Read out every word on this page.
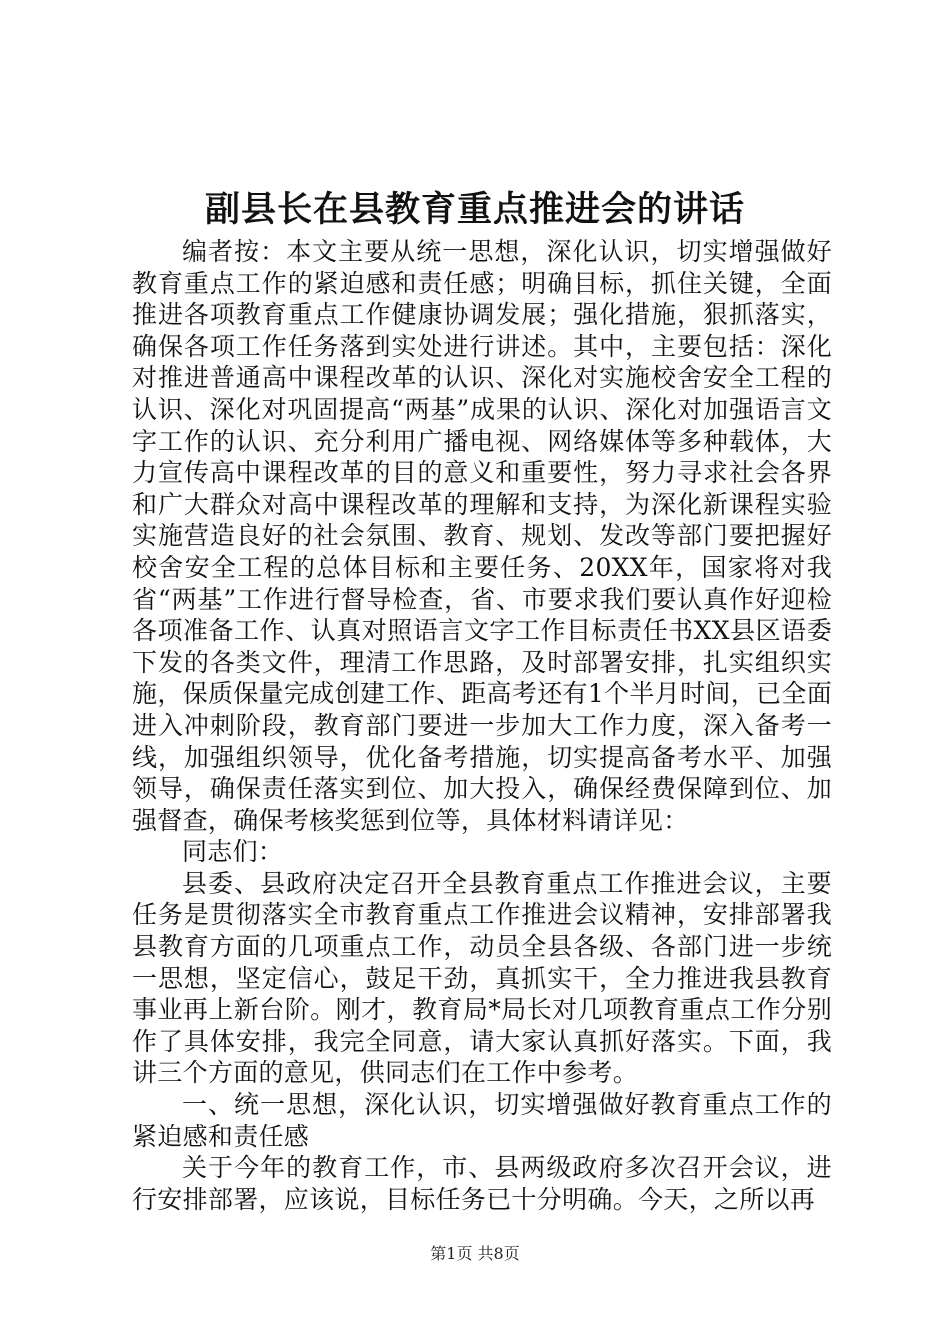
副县长在县教育重点推进会的讲话

编者按：本文主要从统一思想，深化认识，切实增强做好教育重点工作的紧迫感和责任感；明确目标，抓住关键，全面推进各项教育重点工作健康协调发展；强化措施，狠抓落实，确保各项工作任务落到实处进行讲述。其中，主要包括：深化对推进普通高中课程改革的认识、深化对实施校舍安全工程的认识、深化对巩固提高“两基”成果的认识、深化对加强语言文字工作的认识、充分利用广播电视、网络媒体等多种载体，大力宣传高中课程改革的目的意义和重要性，努力寻求社会各界和广大群众对高中课程改革的理解和支持，为深化新课程实验实施营造良好的社会氛围、教育、规划、发改等部门要把握好校舍安全工程的总体目标和主要任务、20XX年，国家将对我省“两基”工作进行督导检查，省、市要求我们要认真作好迎检各项准备工作、认真对照语言文字工作目标责任书XX县区语委下发的各类文件，理清工作思路，及时部署安排，扎实组织实施，保质保量完成创建工作、距高考还有1个半月时间，已全面进入冲刺阶段，教育部门要进一步加大工作力度，深入备考一线，加强组织领导，优化备考措施，切实提高备考水平、加强领导，确保责任落实到位、加大投入，确保经费保障到位、加强督查，确保考核奖惩到位等，具体材料请详见：

同志们：

县委、县政府决定召开全县教育重点工作推进会议，主要任务是贯彻落实全市教育重点工作推进会议精神，安排部署我县教育方面的几项重点工作，动员全县各级、各部门进一步统一思想，坚定信心，鼓足干劲，真抓实干，全力推进我县教育事业再上新台阶。刚才，教育局*局长对几项教育重点工作分别作了具体安排，我完全同意，请大家认真抓好落实。下面，我讲三个方面的意见，供同志们在工作中参考。

一、统一思想，深化认识，切实增强做好教育重点工作的紧迫感和责任感

关于今年的教育工作，市、县两级政府多次召开会议，进行安排部署，应该说，目标任务已十分明确。今天，之所以再

第1页 共8页
